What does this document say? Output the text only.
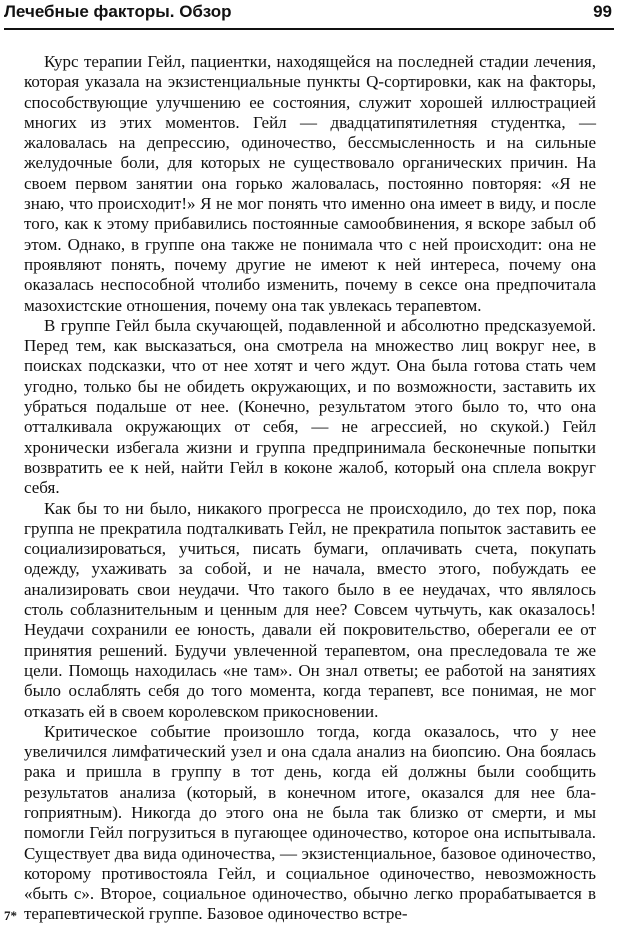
Лечебные факторы. Обзор	99

Курс терапии Гейл, пациентки, находящейся на последней стадии лечения, которая указала на экзистенциальные пункты Q-сортировки, как на факторы, способствующие улучшению ее состояния, служит хорошей иллюстрацией многих из этих моментов. Гейл — двадцатипятилетняя студентка, — жаловалась на депрессию, одиночество, бессмысленность и на сильные желудочные боли, для которых не существовало органических причин. На своем первом занятии она горько жаловалась, постоянно повторяя: «Я не знаю, что происходит!» Я не мог понять что именно она имеет в виду, и после того, как к этому прибавились постоянные самообвинения, я вскоре забыл об этом. Однако, в группе она также не понимала что с ней происходит: она не проявляют понять, почему другие не имеют к ней интереса, почему она оказалась неспособной чтолибо изменить, почему в сексе она предпочитала мазохистские отношения, почему она так увлекась терапевтом.

В группе Гейл была скучающей, подавленной и абсолютно предсказуемой. Перед тем, как высказаться, она смотрела на множество лиц вокруг нее, в поисках подсказки, что от нее хотят и чего ждут. Она была готова стать чем угодно, только бы не обидеть окружающих, и по возможности, заставить их убраться подальше от нее. (Конечно, результатом этого было то, что она отталкивала окружающих от себя, — не агрессией, но скукой.) Гейл хронически избегала жизни и группа предпринимала бесконечные попытки возвратить ее к ней, найти Гейл в коконе жалоб, который она сплела вокруг себя.

Как бы то ни было, никакого прогресса не происходило, до тех пор, пока группа не прекратила подталкивать Гейл, не прекратила попыток заставить ее социализироваться, учиться, писать бумаги, оплачивать счета, покупать одежду, ухаживать за собой, и не начала, вместо этого, побуждать ее анализировать свои неудачи. Что такого было в ее неудачах, что являлось столь соблазнительным и ценным для нее? Совсем чутьчуть, как оказалось! Неудачи сохранили ее юность, давали ей покровительство, оберегали ее от принятия решений. Будучи увлеченной терапевтом, она преследовала те же цели. Помощь находилась «не там». Он знал ответы; ее работой на занятиях было ослаблять себя до того момента, когда терапевт, все понимая, не мог отказать ей в своем королевском прикосновении.

Критическое событие произошло тогда, когда оказалось, что у нее увеличился лимфатический узел и она сдала анализ на биопсию. Она боялась рака и пришла в группу в тот день, когда ей должны были сообщить результатов анализа (который, в конечном итоге, оказался для нее благоприятным). Никогда до этого она не была так близко от смерти, и мы помогли Гейл погрузиться в пугающее одиночество, которое она испытывала. Существует два вида одиночества, — экзистенциальное, базовое одиночество, которому противостояла Гейл, и социальное одиночество, невозможность «быть с». Второе, социальное одиночество, обычно легко прорабатывается в терапевтической группе. Базовое одиночество встре-

7*
